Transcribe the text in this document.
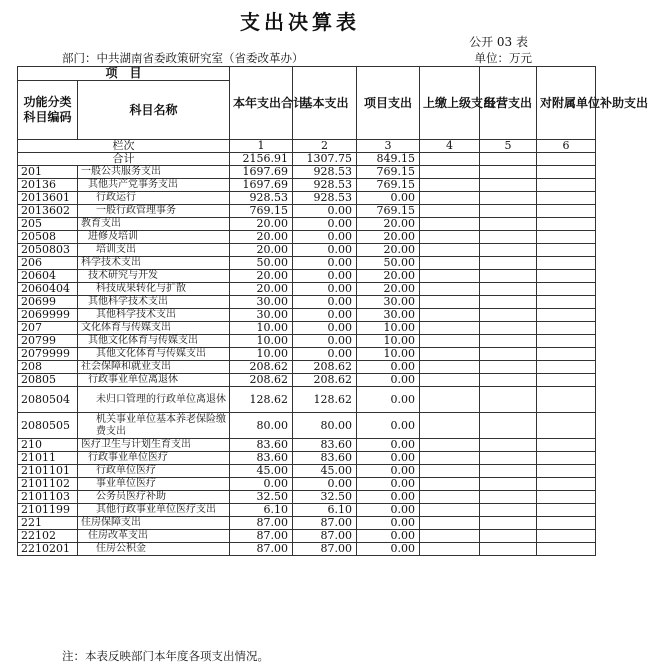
支出决算表
公开 03 表
部门：中共湖南省委政策研究室（省委改革办）	单位：万元
项　目		本年支出合计	基本支出	项目支出	上缴上级支出	经营支出	对附属单位补助支出
功能分类科目编码	科目名称						
栏次		1	2	3	4	5	6
合计		2156.91	1307.75	849.15			
201	一般公共服务支出	1697.69	928.53	769.15			
20136	其他共产党事务支出	1697.69	928.53	769.15			
2013601	行政运行	928.53	928.53	0.00			
2013602	一般行政管理事务	769.15	0.00	769.15			
205	教育支出	20.00	0.00	20.00			
20508	进修及培训	20.00	0.00	20.00			
2050803	培训支出	20.00	0.00	20.00			
206	科学技术支出	50.00	0.00	50.00			
20604	技术研究与开发	20.00	0.00	20.00			
2060404	科技成果转化与扩散	20.00	0.00	20.00			
20699	其他科学技术支出	30.00	0.00	30.00			
2069999	其他科学技术支出	30.00	0.00	30.00			
207	文化体育与传媒支出	10.00	0.00	10.00			
20799	其他文化体育与传媒支出	10.00	0.00	10.00			
2079999	其他文化体育与传媒支出	10.00	0.00	10.00			
208	社会保障和就业支出	208.62	208.62	0.00			
20805	行政事业单位离退休	208.62	208.62	0.00			
2080504	未归口管理的行政单位离退休	128.62	128.62	0.00			
2080505	机关事业单位基本养老保险缴费支出	80.00	80.00	0.00			
210	医疗卫生与计划生育支出	83.60	83.60	0.00			
21011	行政事业单位医疗	83.60	83.60	0.00			
2101101	行政单位医疗	45.00	45.00	0.00			
2101102	事业单位医疗	0.00	0.00	0.00			
2101103	公务员医疗补助	32.50	32.50	0.00			
2101199	其他行政事业单位医疗支出	6.10	6.10	0.00			
221	住房保障支出	87.00	87.00	0.00			
22102	住房改革支出	87.00	87.00	0.00			
2210201	住房公积金	87.00	87.00	0.00			
注：本表反映部门本年度各项支出情况。
